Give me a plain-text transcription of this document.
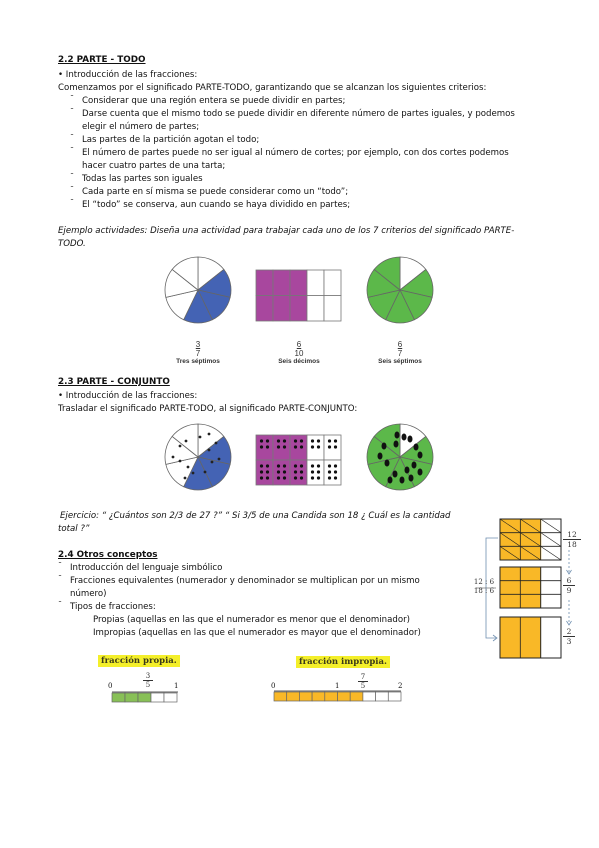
2.2 PARTE - TODO
• Introducción de las fracciones:
Comenzamos por el significado PARTE-TODO, garantizando que se alcanzan los siguientes criterios:
¯ Considerar que una región entera se puede dividir en partes;
¯ Darse cuenta que el mismo todo se puede dividir en diferente número de partes iguales, y podemos
elegir el número de partes;
¯ Las partes de la partición agotan el todo;
¯ El número de partes puede no ser igual al número de cortes; por ejemplo, con dos cortes podemos
hacer cuatro partes de una tarta;
¯ Todas las partes son iguales
¯ Cada parte en sí misma se puede considerar como un “todo”;
¯ El “todo” se conserva, aun cuando se haya dividido en partes;
Ejemplo actividades: Diseña una actividad para trabajar cada uno de los 7 criterios del significado PARTE-
TODO.
3
7
Tres séptimos
6
10
Seis décimos
6
7
Seis séptimos
2.3 PARTE - CONJUNTO
• Introducción de las fracciones:
Trasladar el significado PARTE-TODO, al significado PARTE-CONJUNTO:
Ejercicio: “ ¿Cuántos son 2/3 de 27 ?” “ Si 3/5 de una Candida son 18 ¿ Cuál es la cantidad
total ?”
2.4 Otros conceptos
¯ Introducción del lenguaje simbólico
¯ Fracciones equivalentes (numerador y denominador se multiplican por un mismo
número)
¯ Tipos de fracciones:
Propias (aquellas en las que el numerador es menor que el denominador)
Impropias (aquellas en las que el numerador es mayor que el denominador)
$\frac{12}{18}$
$\frac{6}{9}$
$\frac{2}{3}$
12 : 6
18 : 6
fracción propia.	fracción impropia.
0	$\frac{3}{5}$	1	0	1	$\frac{7}{5}$	2
